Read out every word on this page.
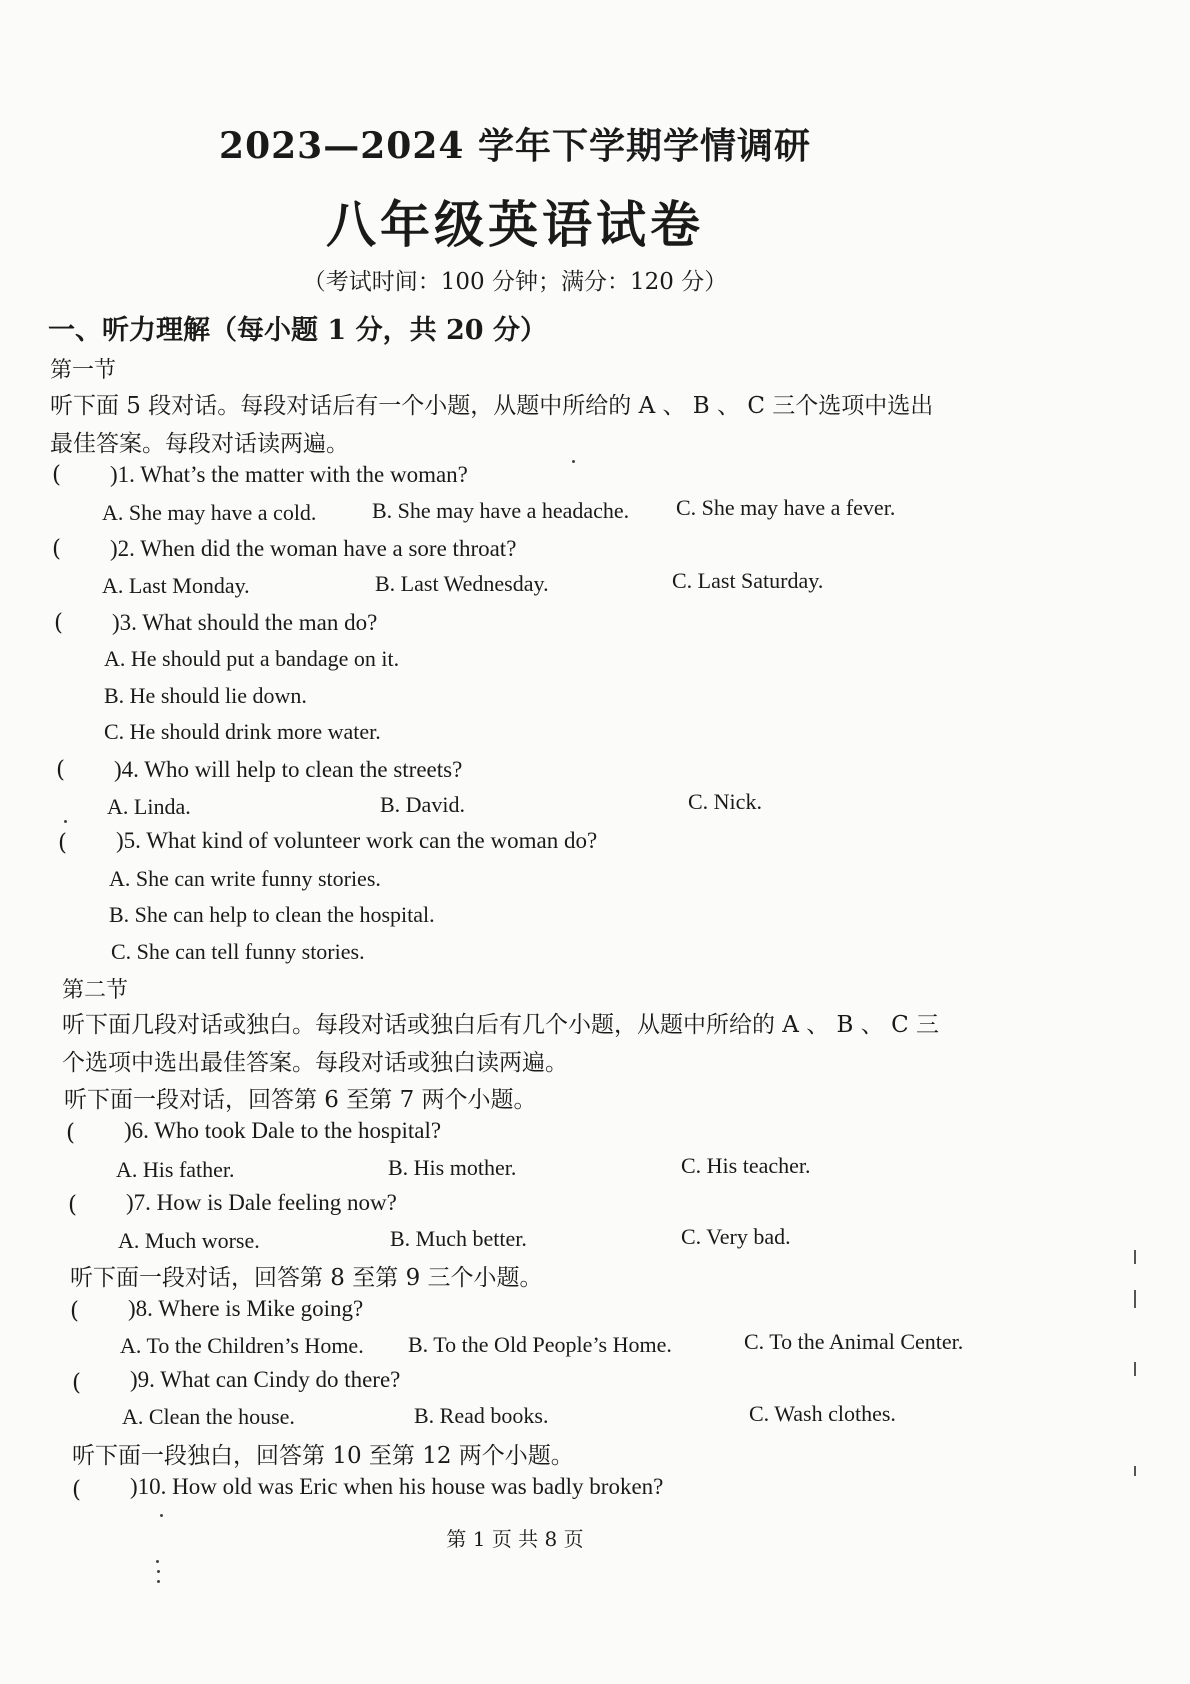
2023—2024 学年下学期学情调研
八年级英语试卷
（考试时间：100 分钟；满分：120 分）
一、听力理解（每小题 1 分，共 20 分）
第一节
听下面 5 段对话。每段对话后有一个小题，从题中所给的 A 、 B 、 C 三个选项中选出
最佳答案。每段对话读两遍。
( )1. What’s the matter with the woman?
A. She may have a cold.	B. She may have a headache. C. She may have a fever.
( )2. When did the woman have a sore throat?
A. Last Monday.	B. Last Wednesday.	C. Last Saturday.
( )3. What should the man do?
A. He should put a bandage on it.
B. He should lie down.
C. He should drink more water.
( )4. Who will help to clean the streets?
A. Linda.	B. David.	C. Nick.
( )5. What kind of volunteer work can the woman do?
A. She can write funny stories.
B. She can help to clean the hospital.
C. She can tell funny stories.
第二节
听下面几段对话或独白。每段对话或独白后有几个小题，从题中所给的 A 、 B 、 C 三
个选项中选出最佳答案。每段对话或独白读两遍。
听下面一段对话，回答第 6 至第 7 两个小题。
( )6. Who took Dale to the hospital?
A. His father.	B. His mother.	C. His teacher.
( )7. How is Dale feeling now?
A. Much worse.	B. Much better.	C. Very bad.
听下面一段对话，回答第 8 至第 9 三个小题。
( )8. Where is Mike going?
A. To the Children’s Home. B. To the Old People’s Home.	C. To the Animal Center.
( )9. What can Cindy do there?
A. Clean the house.	B. Read books.	C. Wash clothes.
听下面一段独白，回答第 10 至第 12 两个小题。
( )10. How old was Eric when his house was badly broken?
第 1 页 共 8 页
